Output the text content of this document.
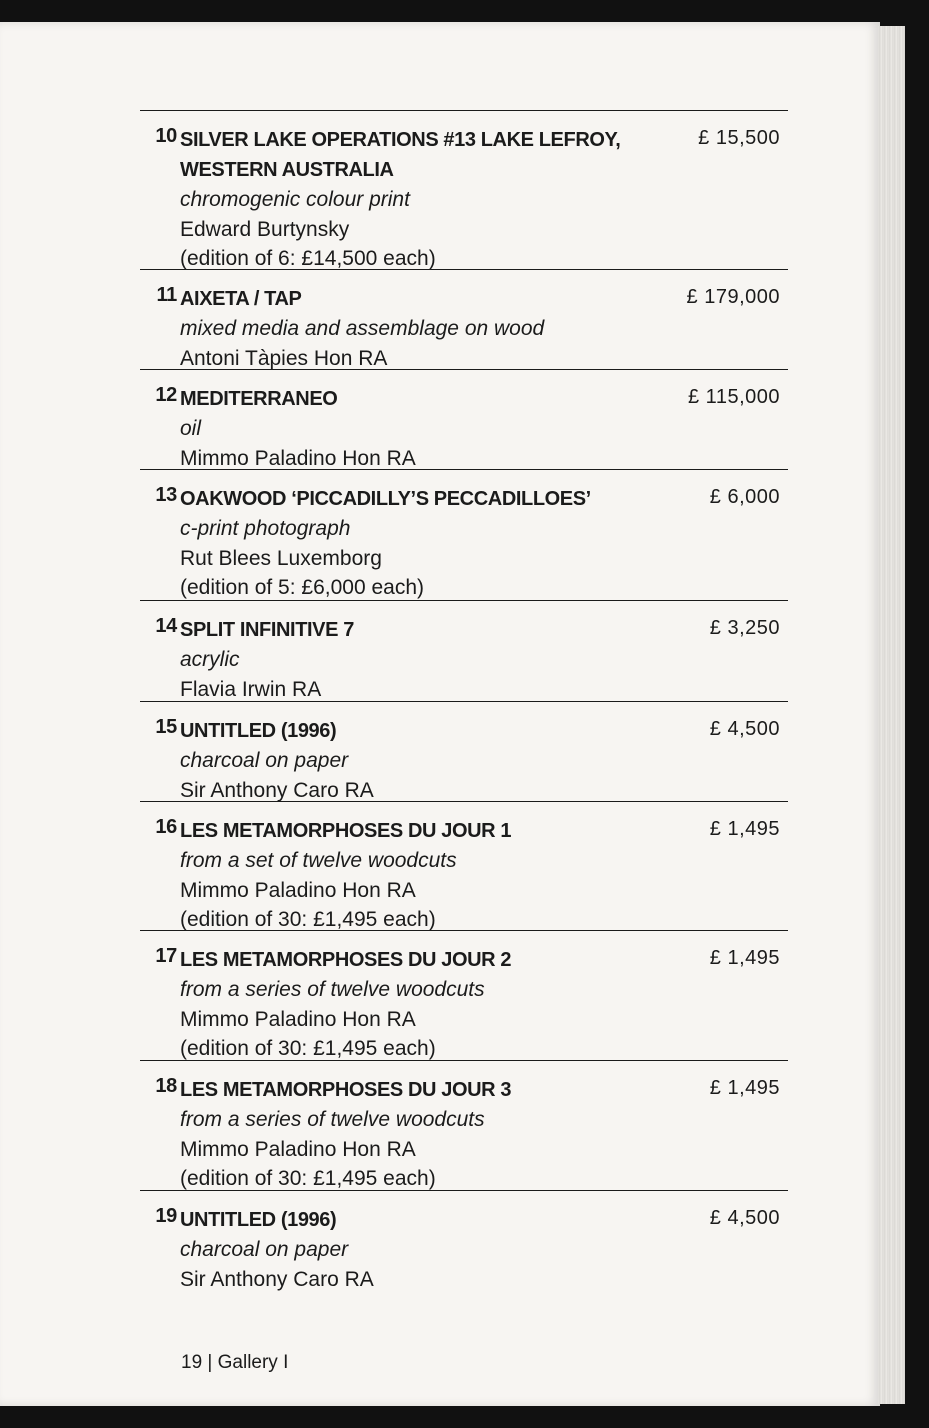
10 SILVER LAKE OPERATIONS #13 LAKE LEFROY,
WESTERN AUSTRALIA
chromogenic colour print
Edward Burtynsky
(edition of 6: £14,500 each)
£ 15,500
11 AIXETA / TAP
mixed media and assemblage on wood
Antoni Tàpies Hon RA
£ 179,000
12 MEDITERRANEO
oil
Mimmo Paladino Hon RA
£ 115,000
13 OAKWOOD ‘PICCADILLY’S PECCADILLOES’
c-print photograph
Rut Blees Luxemborg
(edition of 5: £6,000 each)
£ 6,000
14 SPLIT INFINITIVE 7
acrylic
Flavia Irwin RA
£ 3,250
15 UNTITLED (1996)
charcoal on paper
Sir Anthony Caro RA
£ 4,500
16 LES METAMORPHOSES DU JOUR 1
from a set of twelve woodcuts
Mimmo Paladino Hon RA
(edition of 30: £1,495 each)
£ 1,495
17 LES METAMORPHOSES DU JOUR 2
from a series of twelve woodcuts
Mimmo Paladino Hon RA
(edition of 30: £1,495 each)
£ 1,495
18 LES METAMORPHOSES DU JOUR 3
from a series of twelve woodcuts
Mimmo Paladino Hon RA
(edition of 30: £1,495 each)
£ 1,495
19 UNTITLED (1996)
charcoal on paper
Sir Anthony Caro RA
£ 4,500
19 | Gallery I
